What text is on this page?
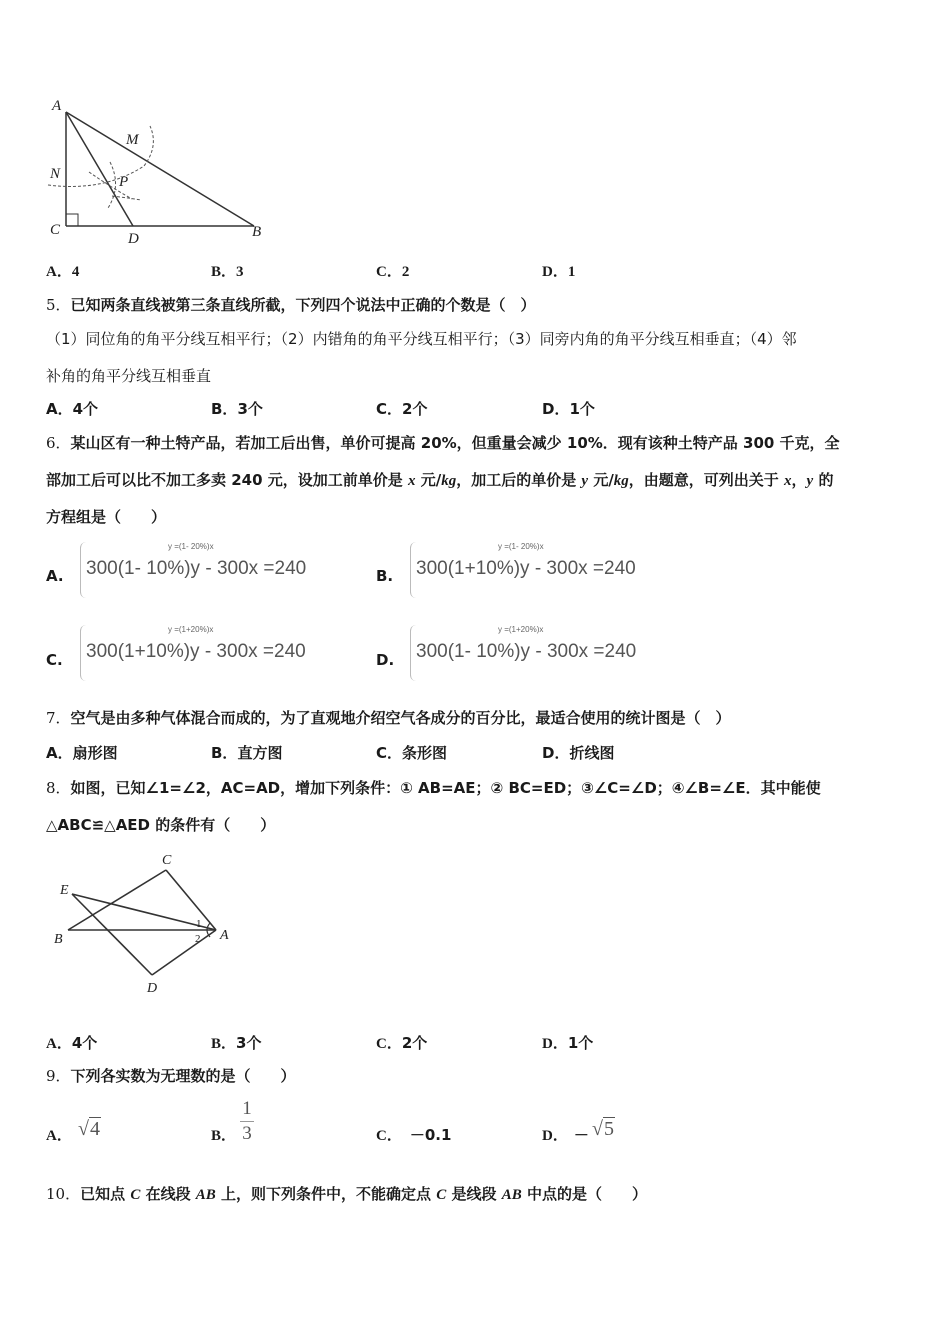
A
M
N	P
C
D	B
A．4	B．3	C．2	D．1
5．已知两条直线被第三条直线所截，下列四个说法中正确的个数是（　）
（1）同位角的角平分线互相平行；（2）内错角的角平分线互相平行；（3）同旁内角的角平分线互相垂直；（4）邻
补角的角平分线互相垂直
A．4个	B．3个	C．2个	D．1个
6．某山区有一种土特产品，若加工后出售，单价可提高 20%，但重量会减少 10%．现有该种土特产品 300 千克，全
部加工后可以比不加工多卖 240 元，设加工前单价是 x 元/kg，加工后的单价是 y 元/kg，由题意，可列出关于 x，y 的
方程组是（　　）
A.
y =(1- 20%)x
300(1- 10%)y - 300x =240	B.
y =(1- 20%)x
300(1+10%)y - 300x =240
C.
y =(1+20%)x
300(1+10%)y - 300x =240	D.
y =(1+20%)x
300(1- 10%)y - 300x =240
7．空气是由多种气体混合而成的，为了直观地介绍空气各成分的百分比，最适合使用的统计图是（　）
A．扇形图	B．直方图	C．条形图	D．折线图
8．如图，已知∠1=∠2，AC=AD，增加下列条件：① AB=AE；② BC=ED；③∠C=∠D；④∠B=∠E．其中能使
△ABC≌△AED 的条件有（　　）
C
E
B	A
D
1
2
A．4个	B．3个	C．2个	D．1个
9．下列各实数为无理数的是（　　）
A． √4	B．
1
3	C． －0.1	D． － √5
10．已知点 C 在线段 AB 上，则下列条件中，不能确定点 C 是线段 AB 中点的是（　　）
